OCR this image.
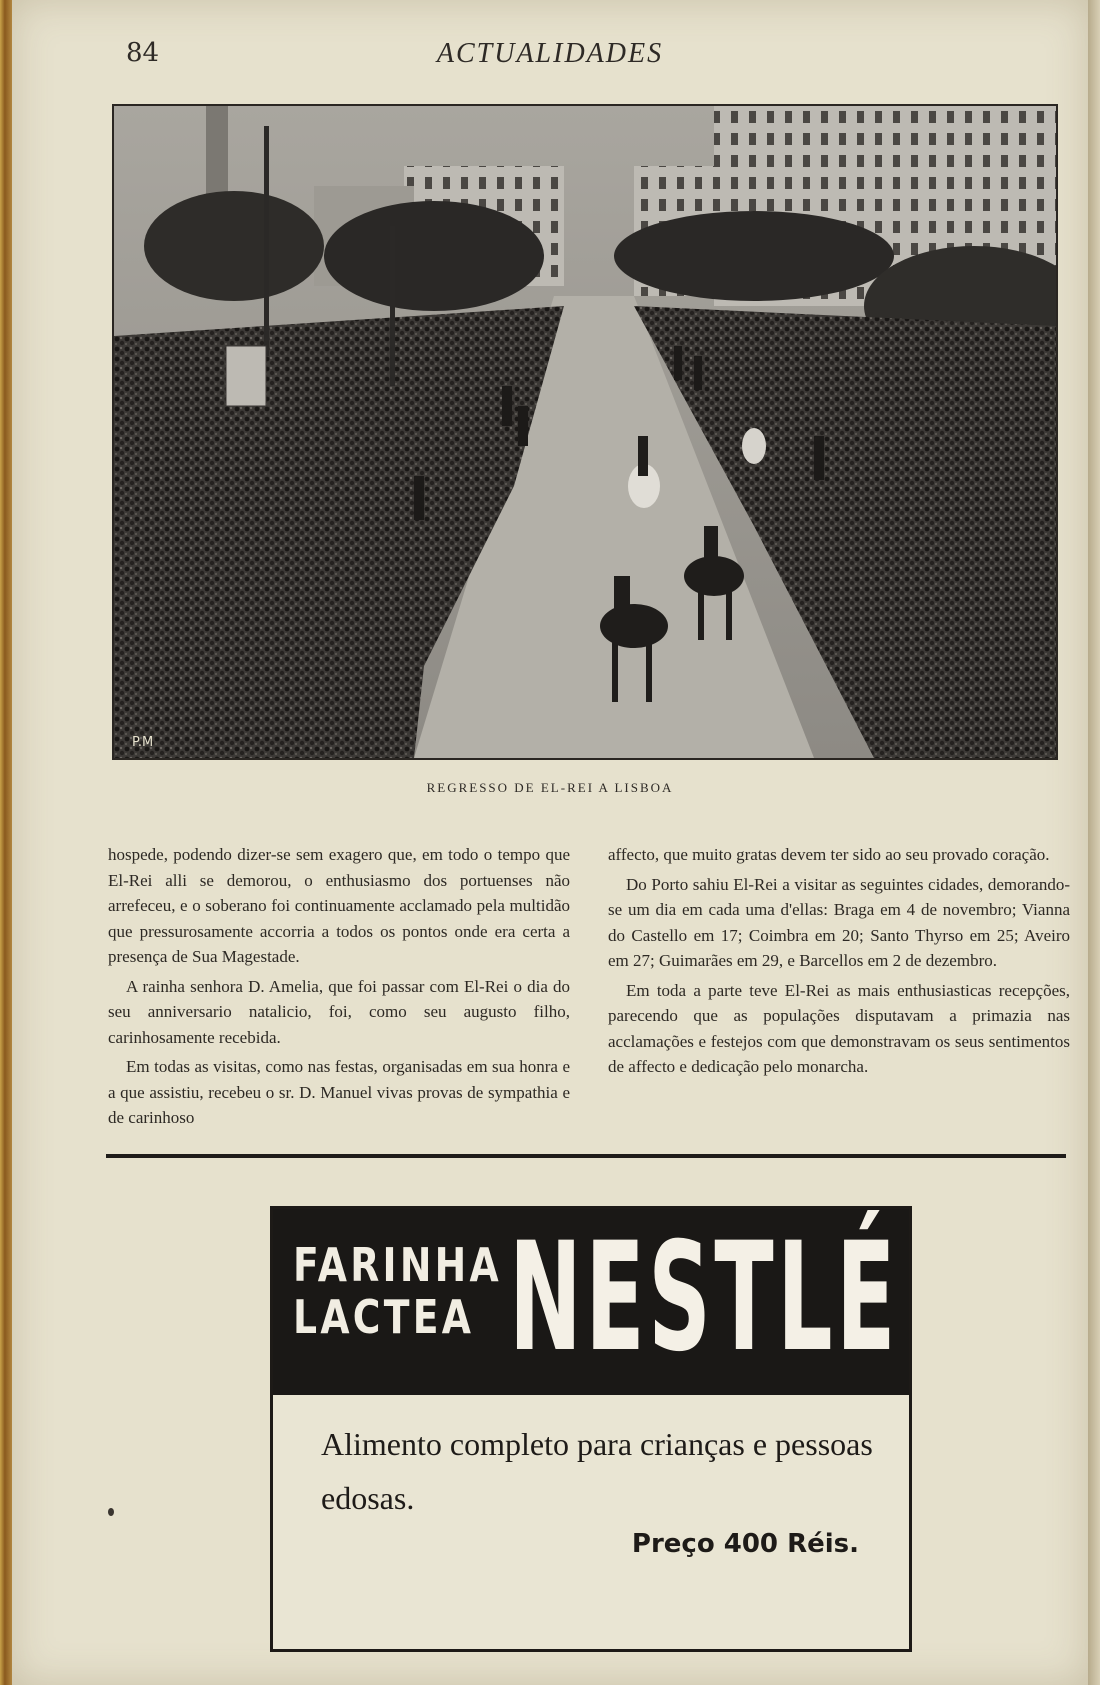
84	ACTUALIDADES
P.M
REGRESSO DE EL-REI A LISBOA

hospede, podendo dizer-se sem exagero que, em todo o tempo que El-Rei alli se demorou, o enthusiasmo dos portuenses não arrefeceu, e o soberano foi continuamente acclamado pela multidão que pressurosamente accorria a todos os pontos onde era certa a presença de Sua Magestade.

A rainha senhora D. Amelia, que foi passar com El-Rei o dia do seu anniversario natalicio, foi, como seu augusto filho, carinhosamente recebida.

Em todas as visitas, como nas festas, organisadas em sua honra e a que assistiu, recebeu o sr. D. Manuel vivas provas de sympathia e de carinhoso

affecto, que muito gratas devem ter sido ao seu provado coração.

Do Porto sahiu El-Rei a visitar as seguintes cidades, demorando-se um dia em cada uma d'ellas: Braga em 4 de novembro; Vianna do Castello em 17; Coimbra em 20; Santo Thyrso em 25; Aveiro em 27; Guimarães em 29, e Barcellos em 2 de dezembro.

Em toda a parte teve El-Rei as mais enthusiasticas recepções, parecendo que as populações disputavam a primazia nas acclamações e festejos com que demonstravam os seus sentimentos de affecto e dedicação pelo monarcha.

FARINHA
LACTEA NESTLÉ
Alimento completo para crianças e pessoas edosas.
Preço 400 Réis.
